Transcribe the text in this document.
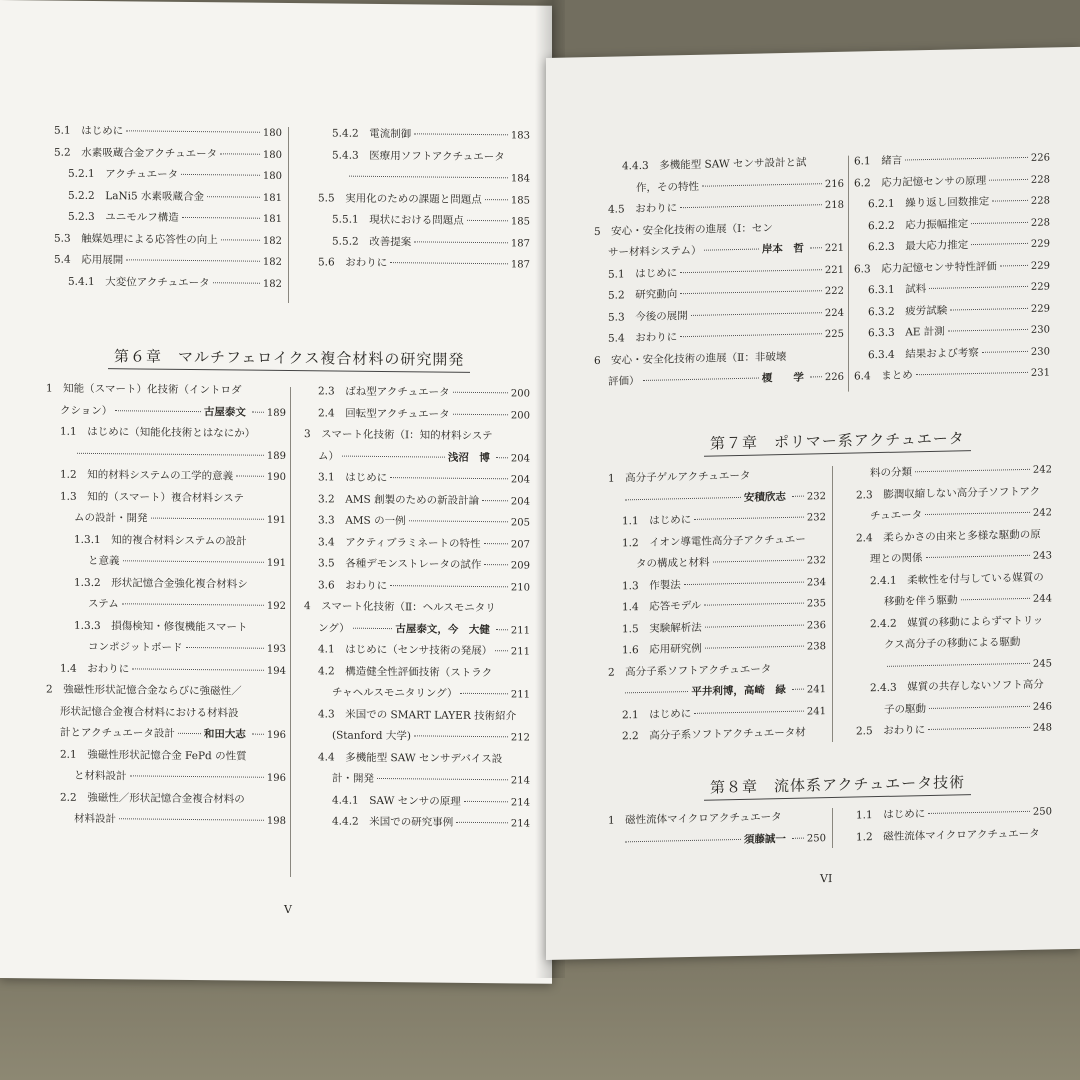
5.1　はじめに	180
5.2　水素吸蔵合金アクチュエータ	180
5.2.1　アクチュエータ	180
5.2.2　LaNi5 水素吸蔵合金	181
5.2.3　ユニモルフ構造	181
5.3　触媒処理による応答性の向上	182
5.4　応用展開	182
5.4.1　大変位アクチュエータ	182
5.4.2　電流制御	183
5.4.3　医療用ソフトアクチュエータ
184
5.5　実用化のための課題と問題点	185
5.5.1　現状における問題点	185
5.5.2　改善提案	187
5.6　おわりに	187
第６章　マルチフェロイクス複合材料の研究開発
1　知能（スマート）化技術（イントロダ
クション）	古屋泰文 189
1.1　はじめに（知能化技術とはなにか）
189
1.2　知的材料システムの工学的意義	190
1.3　知的（スマート）複合材料システ
ムの設計・開発	191
1.3.1　知的複合材料システムの設計
と意義	191
1.3.2　形状記憶合金強化複合材料シ
ステム	192
1.3.3　損傷検知・修復機能スマート
コンポジットボード	193
1.4　おわりに	194
2　強磁性形状記憶合金ならびに強磁性／
形状記憶合金複合材料における材料設
計とアクチュエータ設計	和田大志 196
2.1　強磁性形状記憶合金 FePd の性質
と材料設計	196
2.2　強磁性／形状記憶合金複合材料の
材料設計	198
2.3　ばね型アクチュエータ	200
2.4　回転型アクチュエータ	200
3　スマート化技術（Ⅰ：知的材料システ
ム）	浅沼　博 204
3.1　はじめに	204
3.2　AMS 創製のための新設計論	204
3.3　AMS の一例	205
3.4　アクティブラミネートの特性	207
3.5　各種デモンストレータの試作	209
3.6　おわりに	210
4　スマート化技術（Ⅱ：ヘルスモニタリ
ング）	古屋泰文，今　大健 211
4.1　はじめに（センサ技術の発展） 211
4.2　構造健全性評価技術（ストラク
チャヘルスモニタリング）	211
4.3　米国での SMART LAYER 技術紹介
(Stanford 大学)	212
4.4　多機能型 SAW センサデバイス設
計・開発	214
4.4.1　SAW センサの原理	214
4.4.2　米国での研究事例	214
V
4.4.3　多機能型 SAW センサ設計と試
作，その特性	216
4.5　おわりに	218
5　安心・安全化技術の進展（Ⅰ：セン
サー材料システム）	岸本　哲 221
5.1　はじめに	221
5.2　研究動向	222
5.3　今後の展開	224
5.4　おわりに	225
6　安心・安全化技術の進展（Ⅱ：非破壊
評価）	榎　　学 226
6.1　緒言	226
6.2　応力記憶センサの原理	228
6.2.1　繰り返し回数推定	228
6.2.2　応力振幅推定	228
6.2.3　最大応力推定	229
6.3　応力記憶センサ特性評価	229
6.3.1　試料	229
6.3.2　疲労試験	229
6.3.3　AE 計測	230
6.3.4　結果および考察	230
6.4　まとめ	231
第７章　ポリマー系アクチュエータ
1　高分子ゲルアクチュエータ
安積欣志 232
1.1　はじめに	232
1.2　イオン導電性高分子アクチュエー
タの構成と材料	232
1.3　作製法	234
1.4　応答モデル	235
1.5　実験解析法	236
1.6　応用研究例	238
2　高分子系ソフトアクチュエータ
平井利博，高崎　緑 241
2.1　はじめに	241
2.2　高分子系ソフトアクチュエータ材
料の分類	242
2.3　膨潤収縮しない高分子ソフトアク
チュエータ	242
2.4　柔らかさの由来と多様な駆動の原
理との関係	243
2.4.1　柔軟性を付与している媒質の
移動を伴う駆動	244
2.4.2　媒質の移動によらずマトリッ
クス高分子の移動による駆動
245
2.4.3　媒質の共存しないソフト高分
子の駆動	246
2.5　おわりに	248
第８章　流体系アクチュエータ技術
1　磁性流体マイクロアクチュエータ
須藤誠一 250
1.1　はじめに	250
1.2　磁性流体マイクロアクチュエータ
VI
